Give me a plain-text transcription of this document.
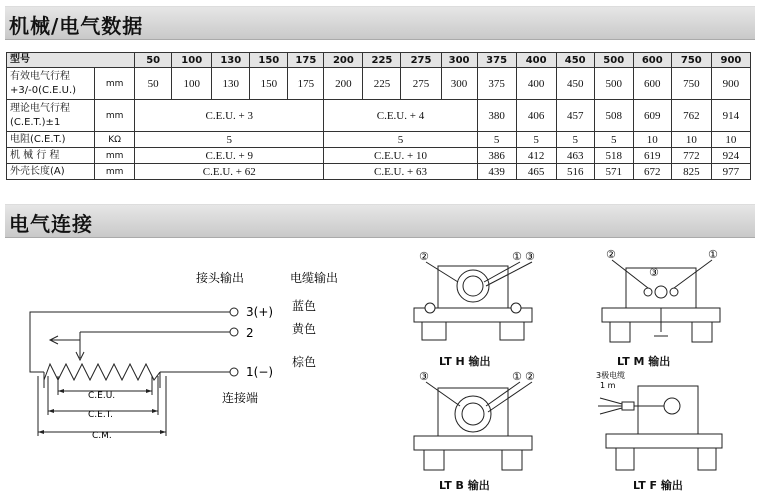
机械/电气数据
型号		50	100	130	150	175	200	225	275	300	375	400	450	500	600	750	900
有效电气行程
+3/-0(C.E.U.)	mm	50	100	130	150	175	200	225	275	300	375	400	450	500	600	750	900
理论电气行程
(C.E.T.)±1	mm	C.E.U. + 3					C.E.U. + 4				380	406	457	508	609	762	914
电阻(C.E.T.)	KΩ	5					5				5	5	5	5	10	10	10
机 械 行 程	mm	C.E.U. + 9					C.E.U. + 10				386	412	463	518	619	772	924
外壳长度(A)	mm	C.E.U. + 62					C.E.U. + 63				439	465	516	571	672	825	977
电气连接
接头输出	电缆输出
3(+)
2
1(−)
蓝色
黄色
棕色
连接端
C.E.U.
C.E.T.
C.M.
②	① ③
LT H 输出
②	①
③
LT M 输出
③	① ②
LT B 输出
3极电缆
1 m
LT F 输出
